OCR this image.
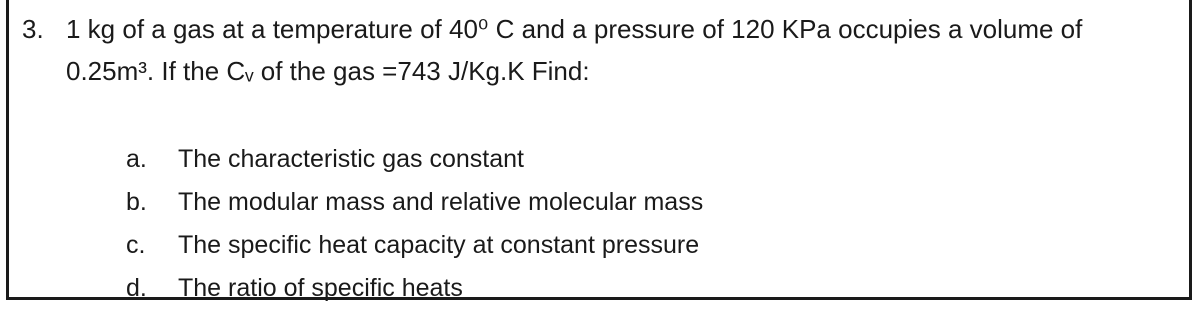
3. 1 kg of a gas at a temperature of 40⁰ C and a pressure of 120 KPa occupies a volume of
0.25m³. If the Cᵥ of the gas =743 J/Kg.K Find:
a. The characteristic gas constant
b. The modular mass and relative molecular mass
c. The specific heat capacity at constant pressure
d. The ratio of specific heats
